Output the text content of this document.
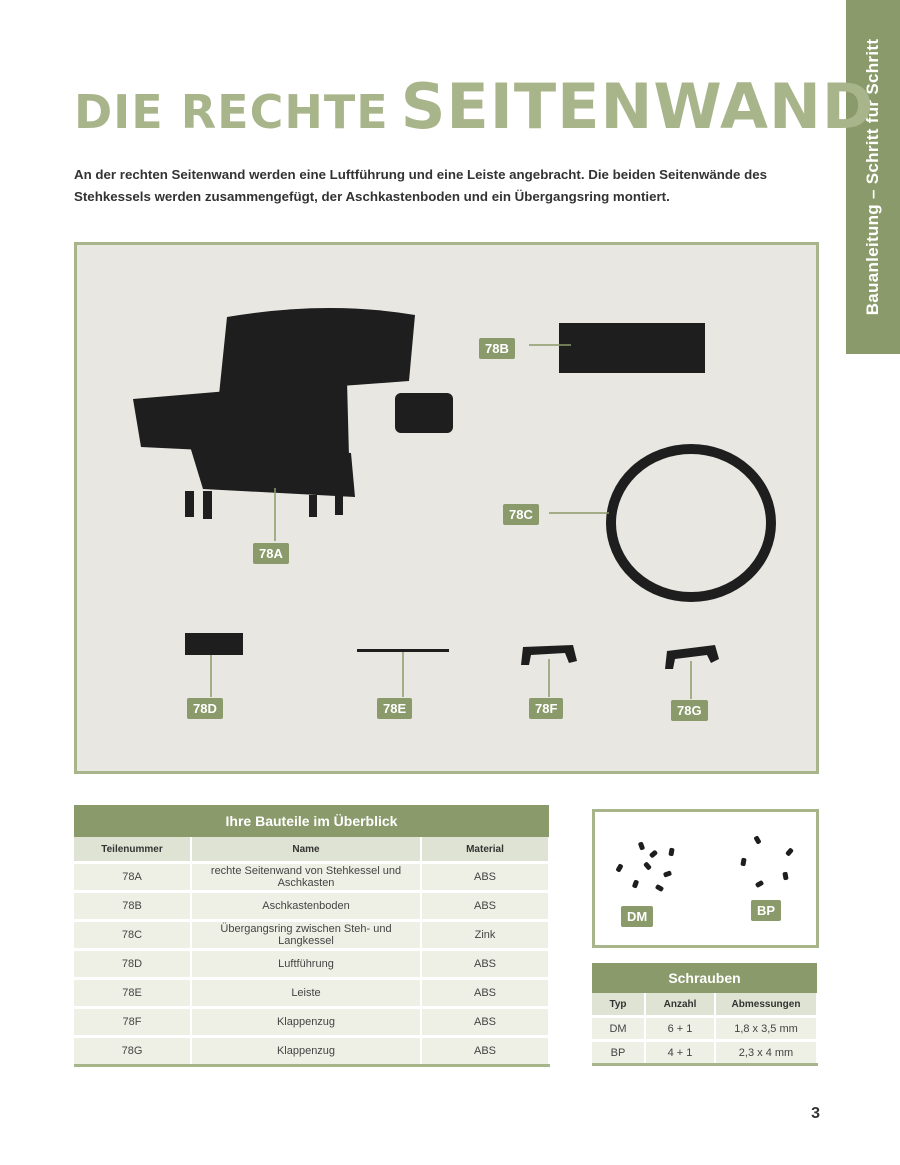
Bauanleitung – Schritt für Schritt
DIE RECHTE SEITENWAND

An der rechten Seitenwand werden eine Luftführung und eine Leiste angebracht. Die beiden Seitenwände des Stehkessels werden zusammengefügt, der Aschkastenboden und ein Übergangsring montiert.

78B
78C
78A
78D	78E	78F	78G
Ihre Bauteile im Überblick		
Teilenummer	Name	Material
78A	rechte Seitenwand von Stehkessel und Aschkasten	ABS
78B	Aschkastenboden	ABS
78C	Übergangsring zwischen Steh- und Langkessel	Zink
78D	Luftführung	ABS
78E	Leiste	ABS
78F	Klappenzug	ABS
78G	Klappenzug	ABS
DM	BP
Schrauben		
Typ	Anzahl	Abmessungen
DM	6 + 1	1,8 x 3,5 mm
BP	4 + 1	2,3 x 4 mm
3
